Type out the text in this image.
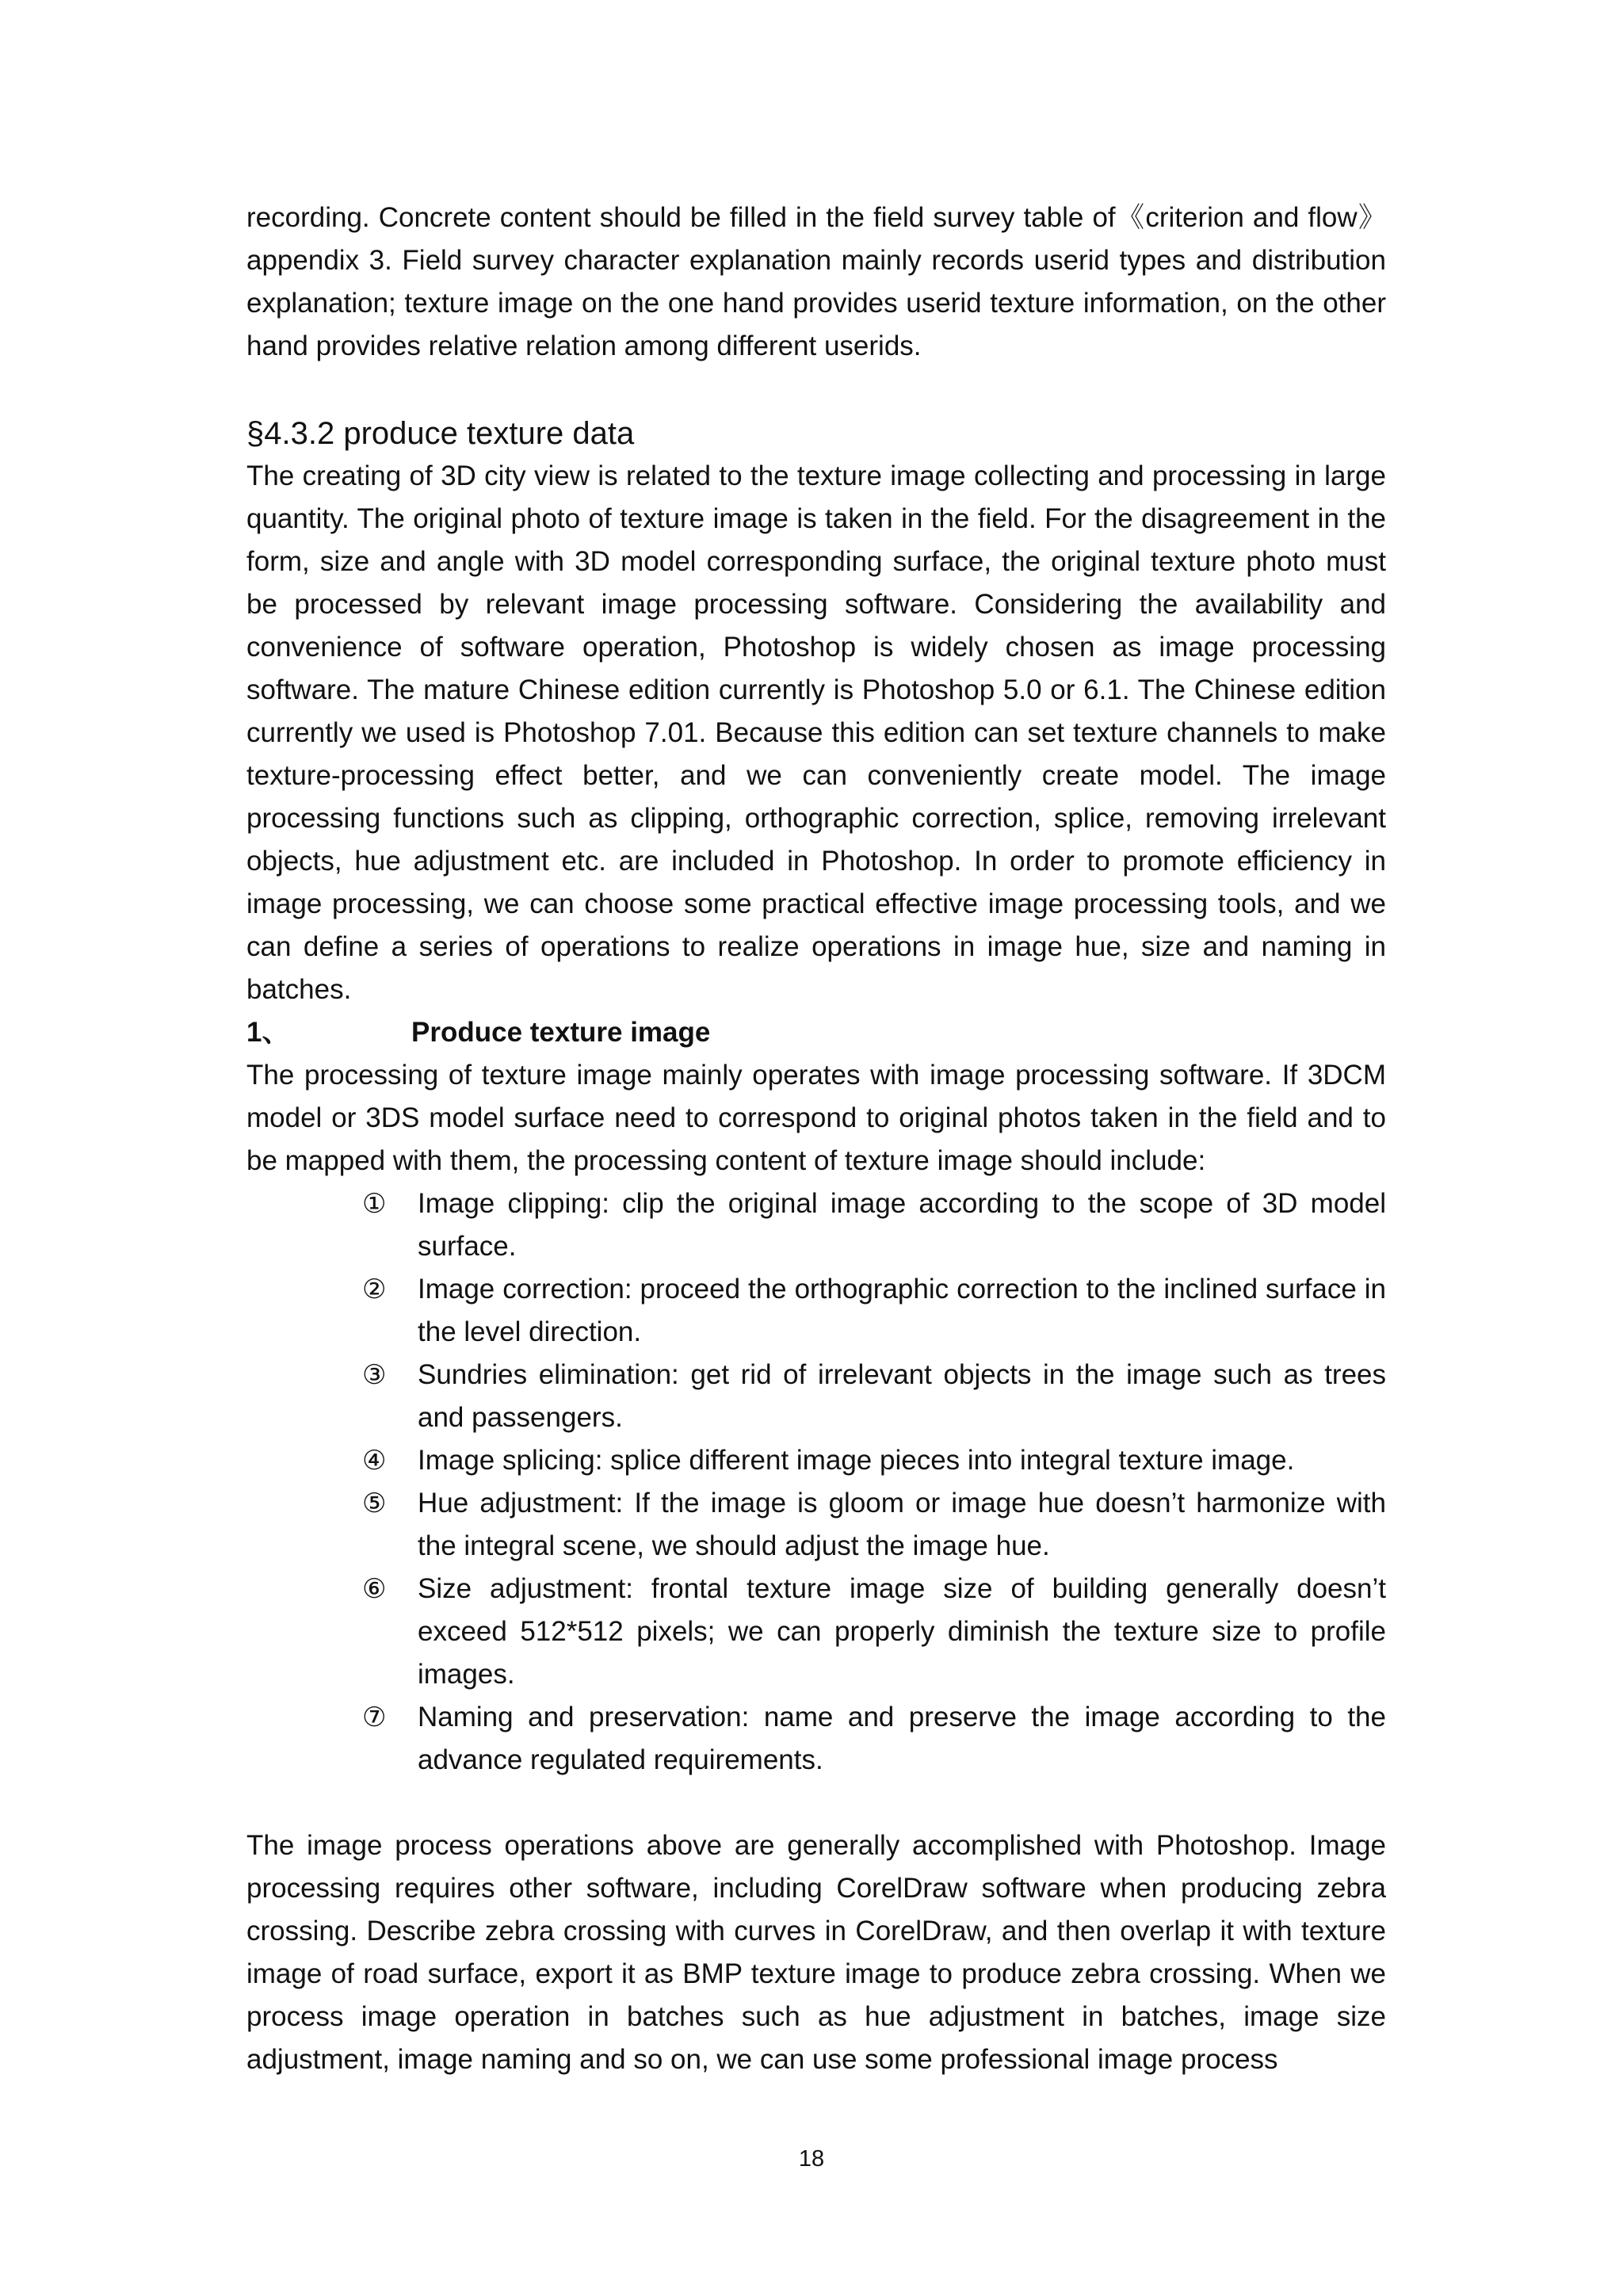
recording. Concrete content should be filled in the field survey table of《criterion and flow》appendix 3. Field survey character explanation mainly records userid types and distribution explanation; texture image on the one hand provides userid texture information, on the other hand provides relative relation among different userids.

§4.3.2 produce texture data

The creating of 3D city view is related to the texture image collecting and processing in large quantity. The original photo of texture image is taken in the field. For the disagreement in the form, size and angle with 3D model corresponding surface, the original texture photo must be processed by relevant image processing software. Considering the availability and convenience of software operation, Photoshop is widely chosen as image processing software. The mature Chinese edition currently is Photoshop 5.0 or 6.1. The Chinese edition currently we used is Photoshop 7.01. Because this edition can set texture channels to make texture-processing effect better, and we can conveniently create model. The image processing functions such as clipping, orthographic correction, splice, removing irrelevant objects, hue adjustment etc. are included in Photoshop. In order to promote efficiency in image processing, we can choose some practical effective image processing tools, and we can define a series of operations to realize operations in image hue, size and naming in batches.

1、	Produce texture image

The processing of texture image mainly operates with image processing software. If 3DCM model or 3DS model surface need to correspond to original photos taken in the field and to be mapped with them, the processing content of texture image should include:

①	Image clipping: clip the original image according to the scope of 3D model surface.
②	Image correction: proceed the orthographic correction to the inclined surface in the level direction.
③	Sundries elimination: get rid of irrelevant objects in the image such as trees and passengers.
④	Image splicing: splice different image pieces into integral texture image.
⑤	Hue adjustment: If the image is gloom or image hue doesn’t harmonize with the integral scene, we should adjust the image hue.
⑥	Size adjustment: frontal texture image size of building generally doesn’t exceed 512*512 pixels; we can properly diminish the texture size to profile images.
⑦	Naming and preservation: name and preserve the image according to the advance regulated requirements.

The image process operations above are generally accomplished with Photoshop. Image processing requires other software, including CorelDraw software when producing zebra crossing. Describe zebra crossing with curves in CorelDraw, and then overlap it with texture image of road surface, export it as BMP texture image to produce zebra crossing. When we process image operation in batches such as hue adjustment in batches, image size adjustment, image naming and so on, we can use some professional image process

18
